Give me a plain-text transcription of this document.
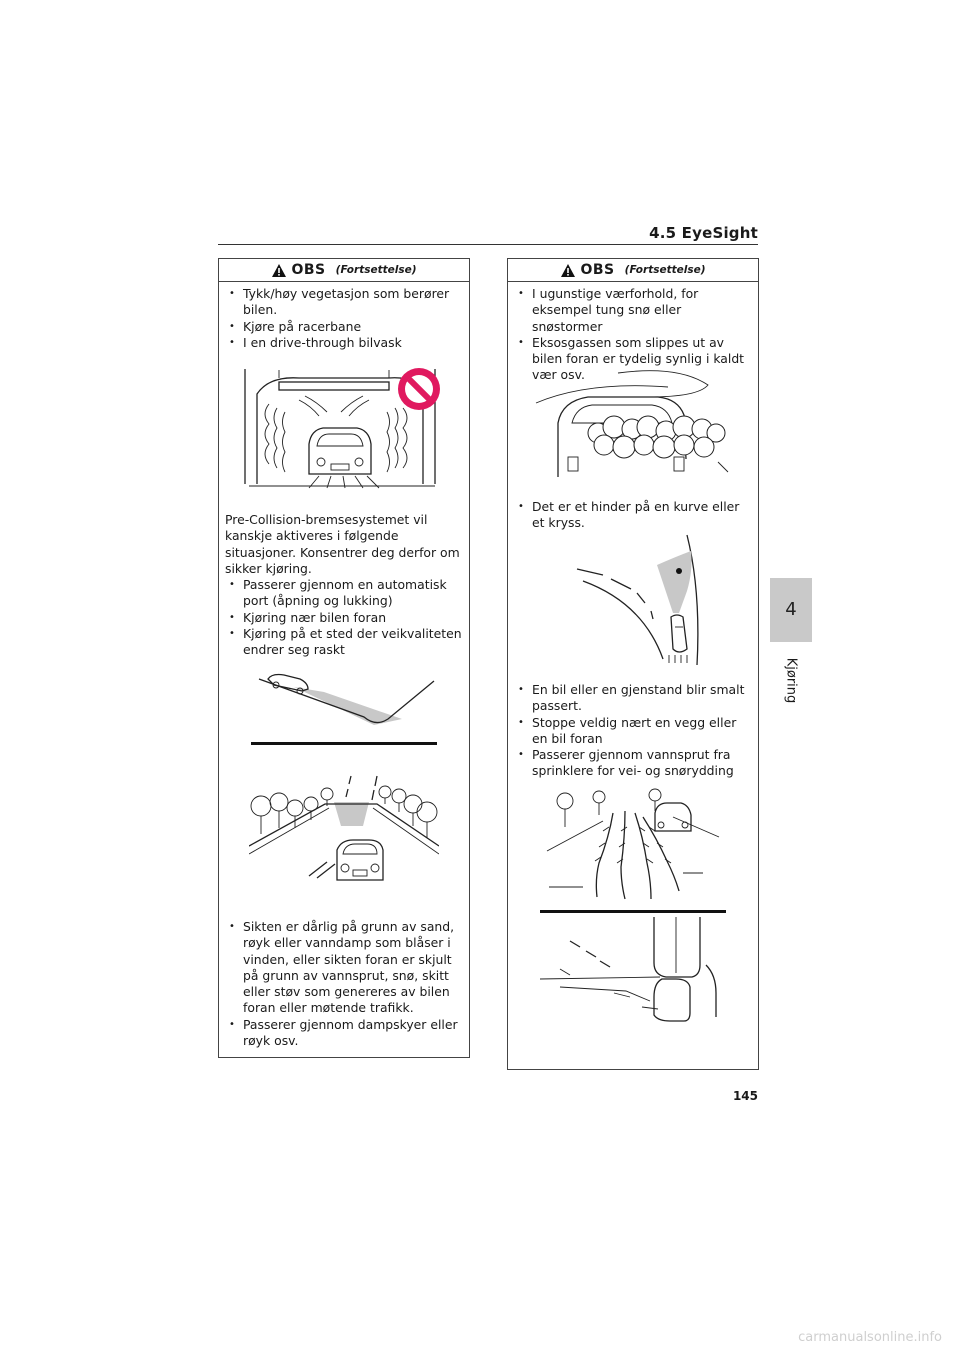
4.5 EyeSight
4
Kjøring
OBS (Fortsettelse)
• Tykk/høy vegetasjon som berører bilen.
• Kjøre på racerbane
• I en drive-through bilvask

Pre-Collision-bremsesystemet vil kanskje aktiveres i følgende situasjoner. Konsentrer deg derfor om sikker kjøring.

• Passerer gjennom en automatisk port (åpning og lukking)
• Kjøring nær bilen foran
• Kjøring på et sted der veikvaliteten endrer seg raskt
• Sikten er dårlig på grunn av sand, røyk eller vanndamp som blåser i vinden, eller sikten foran er skjult på grunn av vannsprut, snø, skitt eller støv som genereres av bilen foran eller møtende trafikk.
• Passerer gjennom dampskyer eller røyk osv.
OBS (Fortsettelse)
• I ugunstige værforhold, for eksempel tung snø eller snøstormer
• Eksosgassen som slippes ut av bilen foran er tydelig synlig i kaldt vær osv.
• Det er et hinder på en kurve eller et kryss.
• En bil eller en gjenstand blir smalt passert.
• Stoppe veldig nært en vegg eller en bil foran
• Passerer gjennom vannsprut fra sprinklere for vei- og snørydding
145
carmanualsonline.info
